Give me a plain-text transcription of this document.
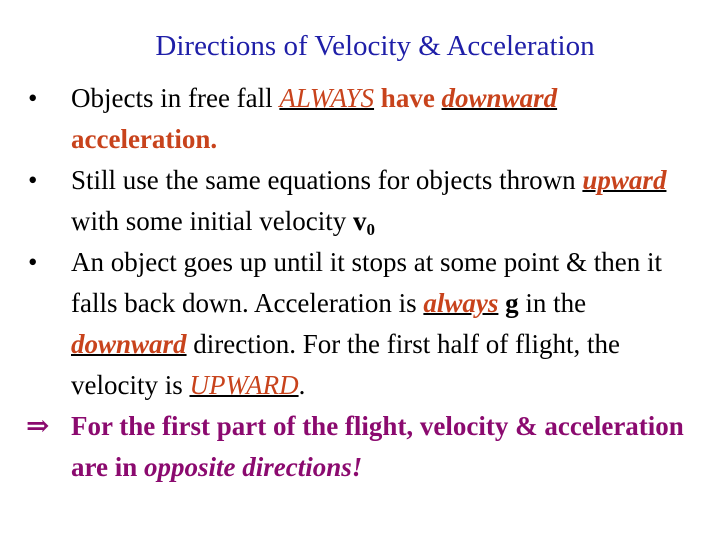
Directions of Velocity & Acceleration
• Objects in free fall ALWAYS have downward acceleration.
• Still use the same equations for objects thrown upward with some initial velocity $v_0$
• An object goes up until it stops at some point & then it falls back down. Acceleration is always g in the downward direction. For the first half of flight, the velocity is UPWARD.
⇒ For the first part of the flight, velocity & acceleration are in opposite directions!
